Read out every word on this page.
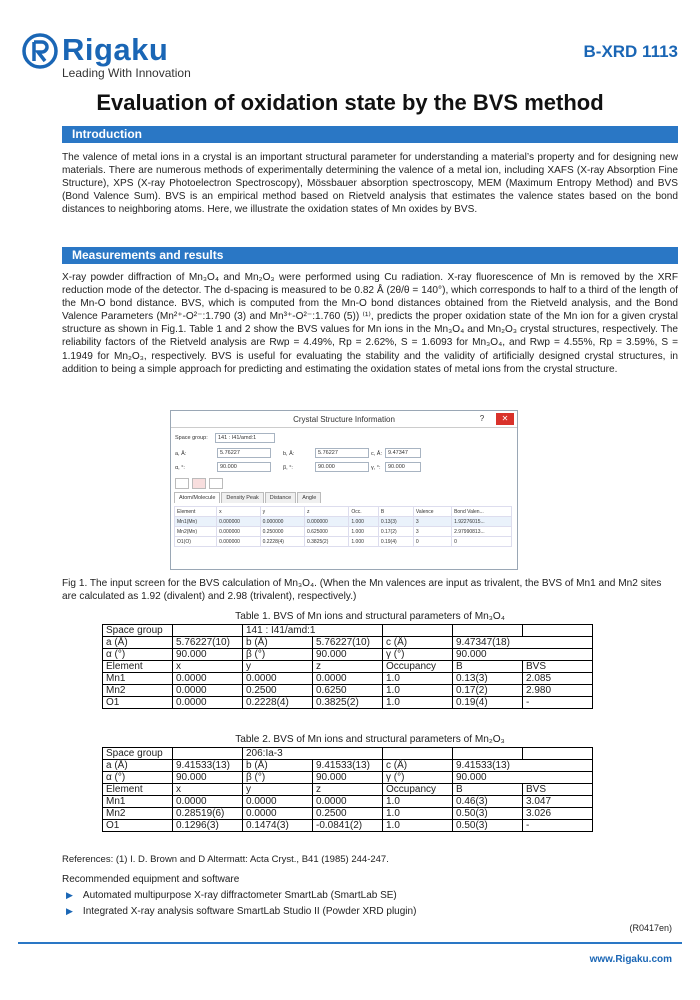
Rigaku
Leading With Innovation
B-XRD 1113
Evaluation of oxidation state by the BVS method
Introduction
The valence of metal ions in a crystal is an important structural parameter for understanding a material’s property and for designing new materials. There are numerous methods of experimentally determining the valence of a metal ion, including XAFS (X-ray Absorption Fine Structure), XPS (X-ray Photoelectron Spectroscopy), Mössbauer absorption spectroscopy, MEM (Maximum Entropy Method) and BVS (Bond Valence Sum). BVS is an empirical method based on Rietveld analysis that estimates the valence states based on the bond distances to neighboring atoms. Here, we illustrate the oxidation states of Mn oxides by BVS.
Measurements and results
X-ray powder diffraction of Mn₃O₄ and Mn₂O₃ were performed using Cu radiation. X-ray fluorescence of Mn is removed by the XRF reduction mode of the detector. The d-spacing is measured to be 0.82 Å (2θ/θ = 140°), which corresponds to half to a third of the length of the Mn-O bond distance. BVS, which is computed from the Mn-O bond distances obtained from the Rietveld analysis, and the Bond Valence Parameters (Mn²⁺-O²⁻:1.790 (3) and Mn³⁺-O²⁻:1.760 (5)) ⁽¹⁾, predicts the proper oxidation state of the Mn ion for a given crystal structure as shown in Fig.1. Table 1 and 2 show the BVS values for Mn ions in the Mn₃O₄ and Mn₂O₃ crystal structures, respectively. The reliability factors of the Rietveld analysis are Rwp = 4.49%, Rp = 2.62%, S = 1.6093 for Mn₃O₄, and Rwp = 4.55%, Rp = 3.59%, S = 1.1949 for Mn₂O₃, respectively. BVS is useful for evaluating the stability and the validity of artificially designed crystal structures, in addition to being a simple approach for predicting and estimating the oxidation states of metal ions from the crystal structure.
Crystal Structure Information	?	✕
Space group:	141 : I41/amd:1
a, Å:	5.76227	b, Å:	5.76227	c, Å:	9.47347
α, °:	90.000	β, °:	90.000	γ, °:	90.000
Atom/Molecule	Density Peak	Distance	Angle
Element	x	y	z	Occ.	B	Valence	Bond Valen...
Mn1(Mn)	0.000000	0.000000	0.000000	1.000	0.13(3)	3	1.92276015...
Mn2(Mn)	0.000000	0.250000	0.625000	1.000	0.17(2)	3	2.97990813...
O1(O)	0.000000	0.2228(4)	0.3825(2)	1.000	0.19(4)	0	0
Fig 1. The input screen for the BVS calculation of Mn₃O₄. (When the Mn valences are input as trivalent, the BVS of Mn1 and Mn2 sites are calculated as 1.92 (divalent) and 2.98 (trivalent), respectively.)
Table 1. BVS of Mn ions and structural parameters of Mn₃O₄
Space group		141 : I41/amd:1				
a (Å)	5.76227(10)	b (Å)	5.76227(10)	c (Å)	9.47347(18)	
α (°)	90.000	β (°)	90.000	γ (°)	90.000	
Element	x	y	z	Occupancy	B	BVS
Mn1	0.0000	0.0000	0.0000	1.0	0.13(3)	2.085
Mn2	0.0000	0.2500	0.6250	1.0	0.17(2)	2.980
O1	0.0000	0.2228(4)	0.3825(2)	1.0	0.19(4)	-
Table 2. BVS of Mn ions and structural parameters of Mn₂O₃
Space group		206:Ia-3				
a (Å)	9.41533(13)	b (Å)	9.41533(13)	c (Å)	9.41533(13)	
α (°)	90.000	β (°)	90.000	γ (°)	90.000	
Element	x	y	z	Occupancy	B	BVS
Mn1	0.0000	0.0000	0.0000	1.0	0.46(3)	3.047
Mn2	0.28519(6)	0.0000	0.2500	1.0	0.50(3)	3.026
O1	0.1296(3)	0.1474(3)	-0.0841(2)	1.0	0.50(3)	-
References: (1) I. D. Brown and D Altermatt: Acta Cryst., B41 (1985) 244-247.
Recommended equipment and software
▶ Automated multipurpose X-ray diffractometer SmartLab (SmartLab SE)
▶ Integrated X-ray analysis software SmartLab Studio II (Powder XRD plugin)
(R0417en)
www.Rigaku.com
